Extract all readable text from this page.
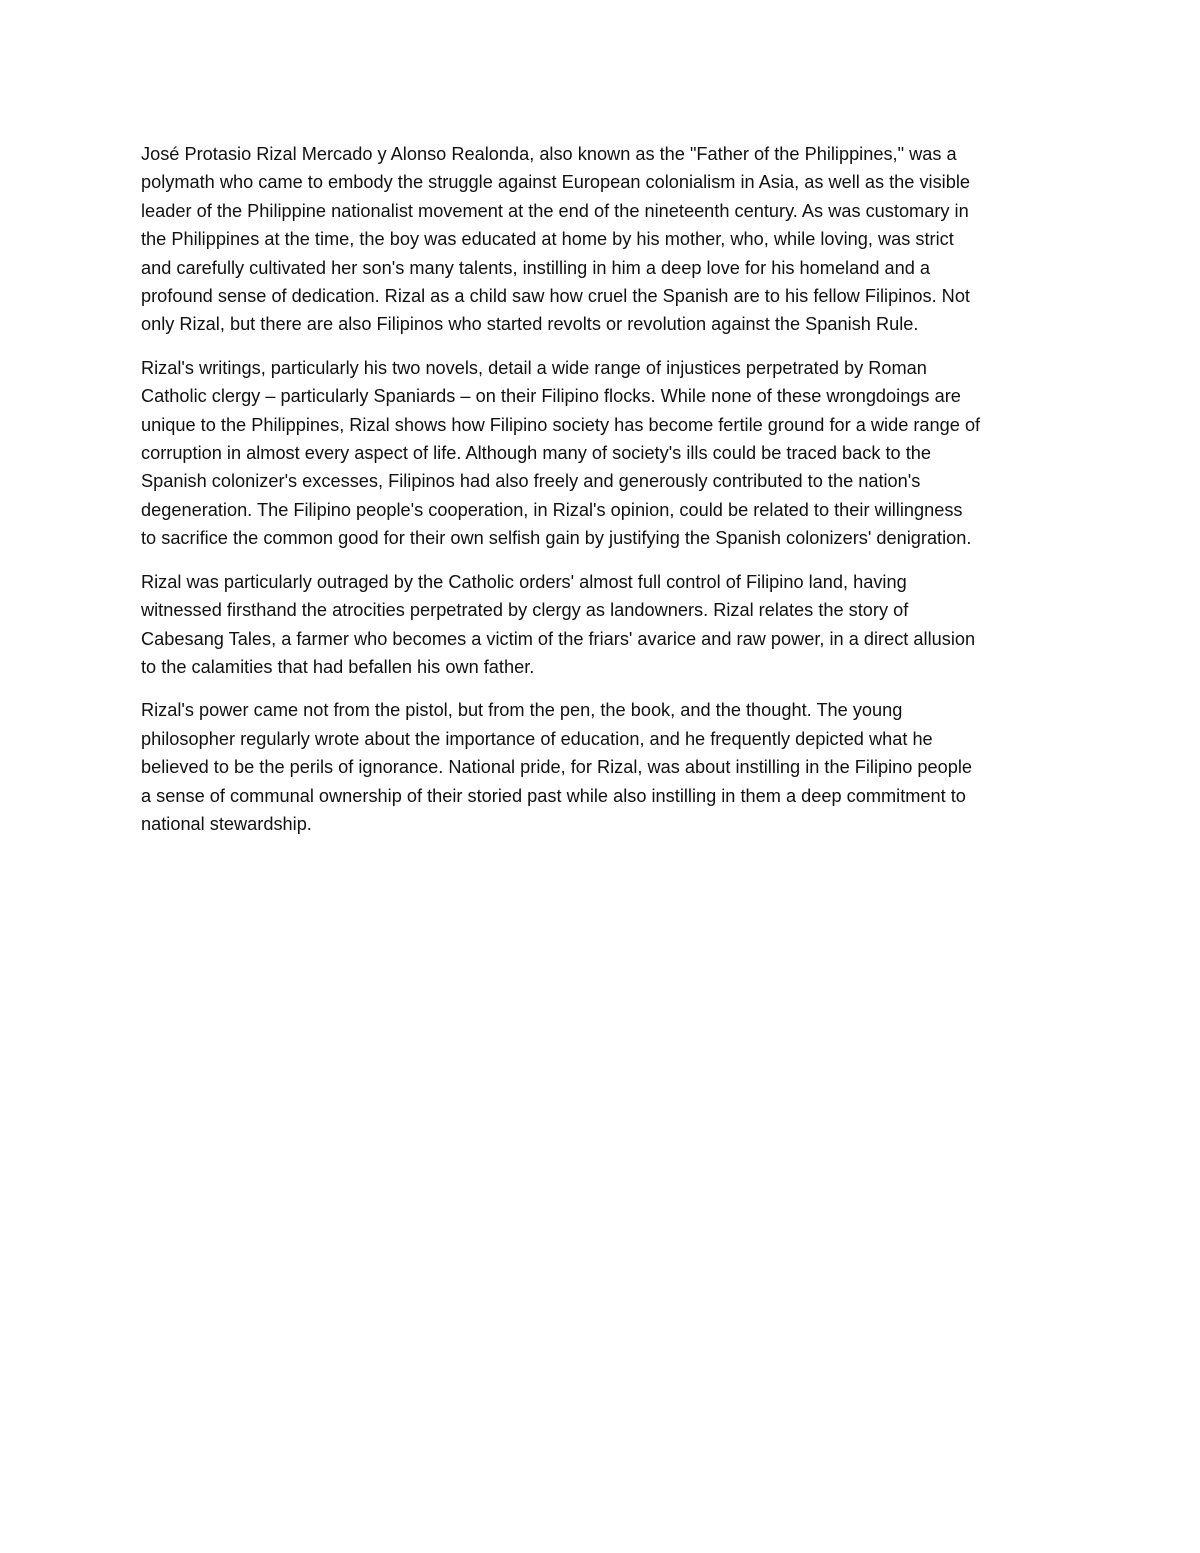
José Protasio Rizal Mercado y Alonso Realonda, also known as the "Father of the Philippines," was a
polymath who came to embody the struggle against European colonialism in Asia, as well as the visible
leader of the Philippine nationalist movement at the end of the nineteenth century. As was customary in
the Philippines at the time, the boy was educated at home by his mother, who, while loving, was strict
and carefully cultivated her son's many talents, instilling in him a deep love for his homeland and a
profound sense of dedication. Rizal as a child saw how cruel the Spanish are to his fellow Filipinos. Not
only Rizal, but there are also Filipinos who started revolts or revolution against the Spanish Rule.

Rizal's writings, particularly his two novels, detail a wide range of injustices perpetrated by Roman
Catholic clergy – particularly Spaniards – on their Filipino flocks. While none of these wrongdoings are
unique to the Philippines, Rizal shows how Filipino society has become fertile ground for a wide range of
corruption in almost every aspect of life. Although many of society's ills could be traced back to the
Spanish colonizer's excesses, Filipinos had also freely and generously contributed to the nation's
degeneration. The Filipino people's cooperation, in Rizal's opinion, could be related to their willingness
to sacrifice the common good for their own selfish gain by justifying the Spanish colonizers' denigration.

Rizal was particularly outraged by the Catholic orders' almost full control of Filipino land, having
witnessed firsthand the atrocities perpetrated by clergy as landowners. Rizal relates the story of
Cabesang Tales, a farmer who becomes a victim of the friars' avarice and raw power, in a direct allusion
to the calamities that had befallen his own father.

Rizal's power came not from the pistol, but from the pen, the book, and the thought. The young
philosopher regularly wrote about the importance of education, and he frequently depicted what he
believed to be the perils of ignorance. National pride, for Rizal, was about instilling in the Filipino people
a sense of communal ownership of their storied past while also instilling in them a deep commitment to
national stewardship.
